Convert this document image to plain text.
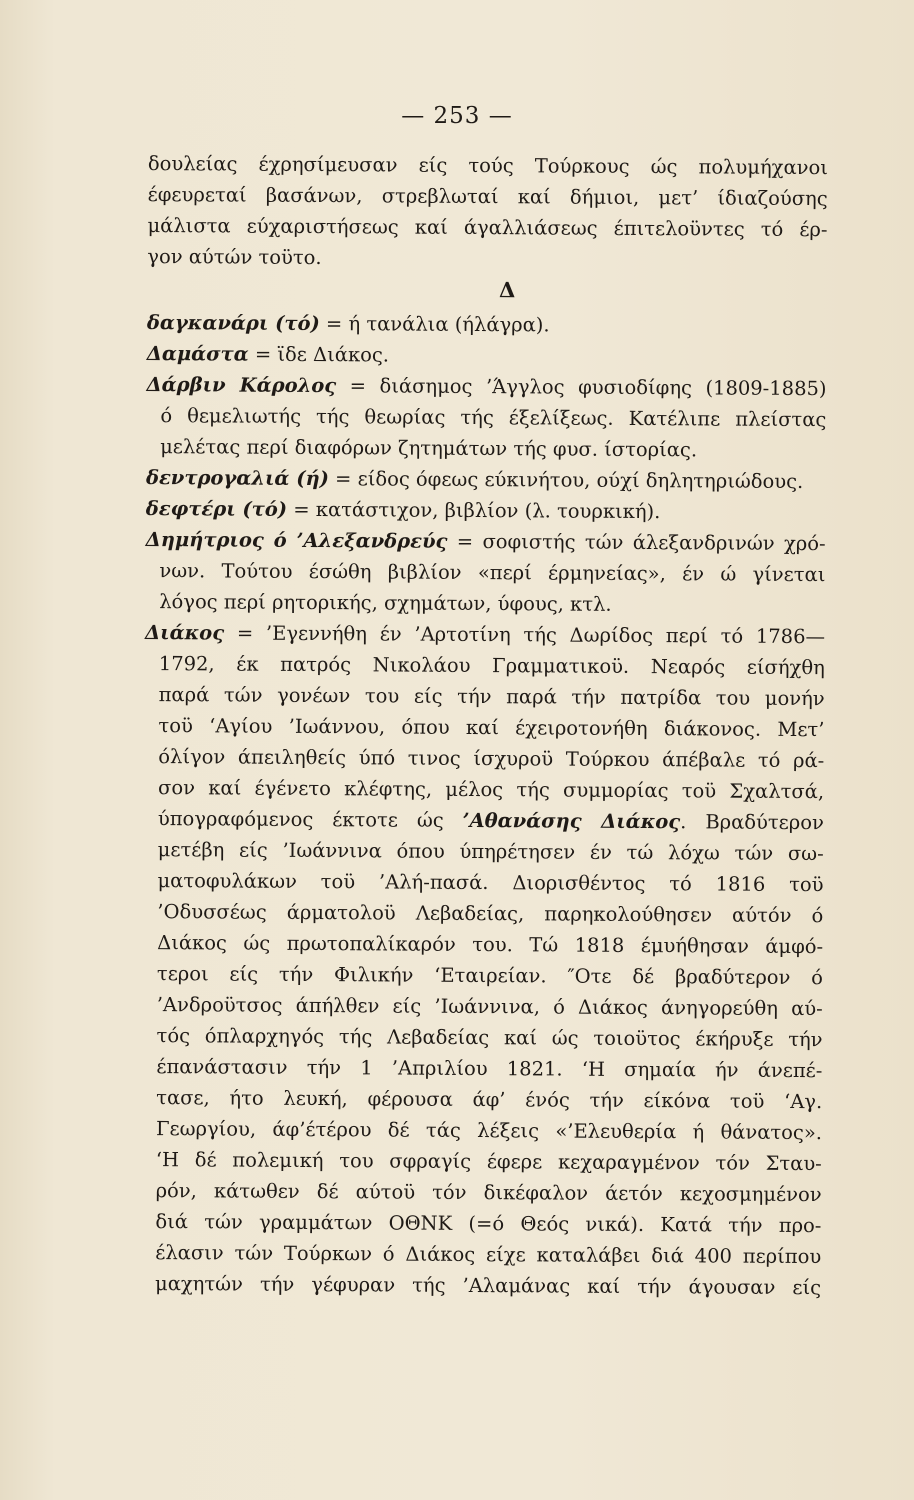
— 253 —
δουλείας έχρησίμευσαν είς τούς Τούρκους ώς πολυμήχανοι
έφευρεταί βασάνων, στρεβλωταί καί δήμιοι, μετ’ ίδιαζούσης
μάλιστα εύχαριστήσεως καί άγαλλιάσεως έπιτελοϋντες τό έρ-
γον αύτών τοϋτο.
Δ
δαγκανάρι (τό) = ή τανάλια (ήλάγρα).
Δαμάστα = ϊδε Διάκος.
Δάρβιν Κάρολος = διάσημος ’Άγγλος φυσιοδίφης (1809-1885)
ό θεμελιωτής τής θεωρίας τής έξελίξεως. Κατέλιπε πλείστας
μελέτας περί διαφόρων ζητημάτων τής φυσ. ίστορίας.
δεντρογαλιά (ή) = είδος όφεως εύκινήτου, ούχί δηλητηριώδους.
δεφτέρι (τό) = κατάστιχον, βιβλίον (λ. τουρκική).
Δημήτριος ό ’Αλεξανδρεύς = σοφιστής τών άλεξανδρινών χρό-
νων. Τούτου έσώθη βιβλίον «περί έρμηνείας», έν ώ γίνεται
λόγος περί ρητορικής, σχημάτων, ύφους, κτλ.
Διάκος = ’Εγεννήθη έν ’Αρτοτίνη τής Δωρίδος περί τό 1786—
1792, έκ πατρός Νικολάου Γραμματικοϋ. Νεαρός είσήχθη
παρά τών γονέων του είς τήν παρά τήν πατρίδα του μονήν
τοϋ ‘Αγίου ’Ιωάννου, όπου καί έχειροτονήθη διάκονος. Μετ’
όλίγον άπειληθείς ύπό τινος ίσχυροϋ Τούρκου άπέβαλε τό ρά-
σον καί έγένετο κλέφτης, μέλος τής συμμορίας τοϋ Σχαλτσά,
ύπογραφόμενος έκτοτε ώς ’Αθανάσης Διάκος. Βραδύτερον
μετέβη είς ’Ιωάννινα όπου ύπηρέτησεν έν τώ λόχω τών σω-
ματοφυλάκων τοϋ ’Αλή-πασά. Διορισθέντος τό 1816 τοϋ
’Οδυσσέως άρματολοϋ Λεβαδείας, παρηκολούθησεν αύτόν ό
Διάκος ώς πρωτοπαλίκαρόν του. Τώ 1818 έμυήθησαν άμφό-
τεροι είς τήν Φιλικήν ‘Εταιρείαν. ″Οτε δέ βραδύτερον ό
’Ανδροϋτσος άπήλθεν είς ’Ιωάννινα, ό Διάκος άνηγορεύθη αύ-
τός όπλαρχηγός τής Λεβαδείας καί ώς τοιοϋτος έκήρυξε τήν
έπανάστασιν τήν 1 ’Απριλίου 1821. ‘Η σημαία ήν άνεπέ-
τασε, ήτο λευκή, φέρουσα άφ’ ένός τήν είκόνα τοϋ ‘Αγ.
Γεωργίου, άφ’έτέρου δέ τάς λέξεις «’Ελευθερία ή θάνατος».
‘Η δέ πολεμική του σφραγίς έφερε κεχαραγμένον τόν Σταυ-
ρόν, κάτωθεν δέ αύτοϋ τόν δικέφαλον άετόν κεχοσμημένον
διά τών γραμμάτων ΟΘΝΚ (=ό Θεός νικά). Κατά τήν προ-
έλασιν τών Τούρκων ό Διάκος είχε καταλάβει διά 400 περίπου
μαχητών τήν γέφυραν τής ’Αλαμάνας καί τήν άγουσαν είς
